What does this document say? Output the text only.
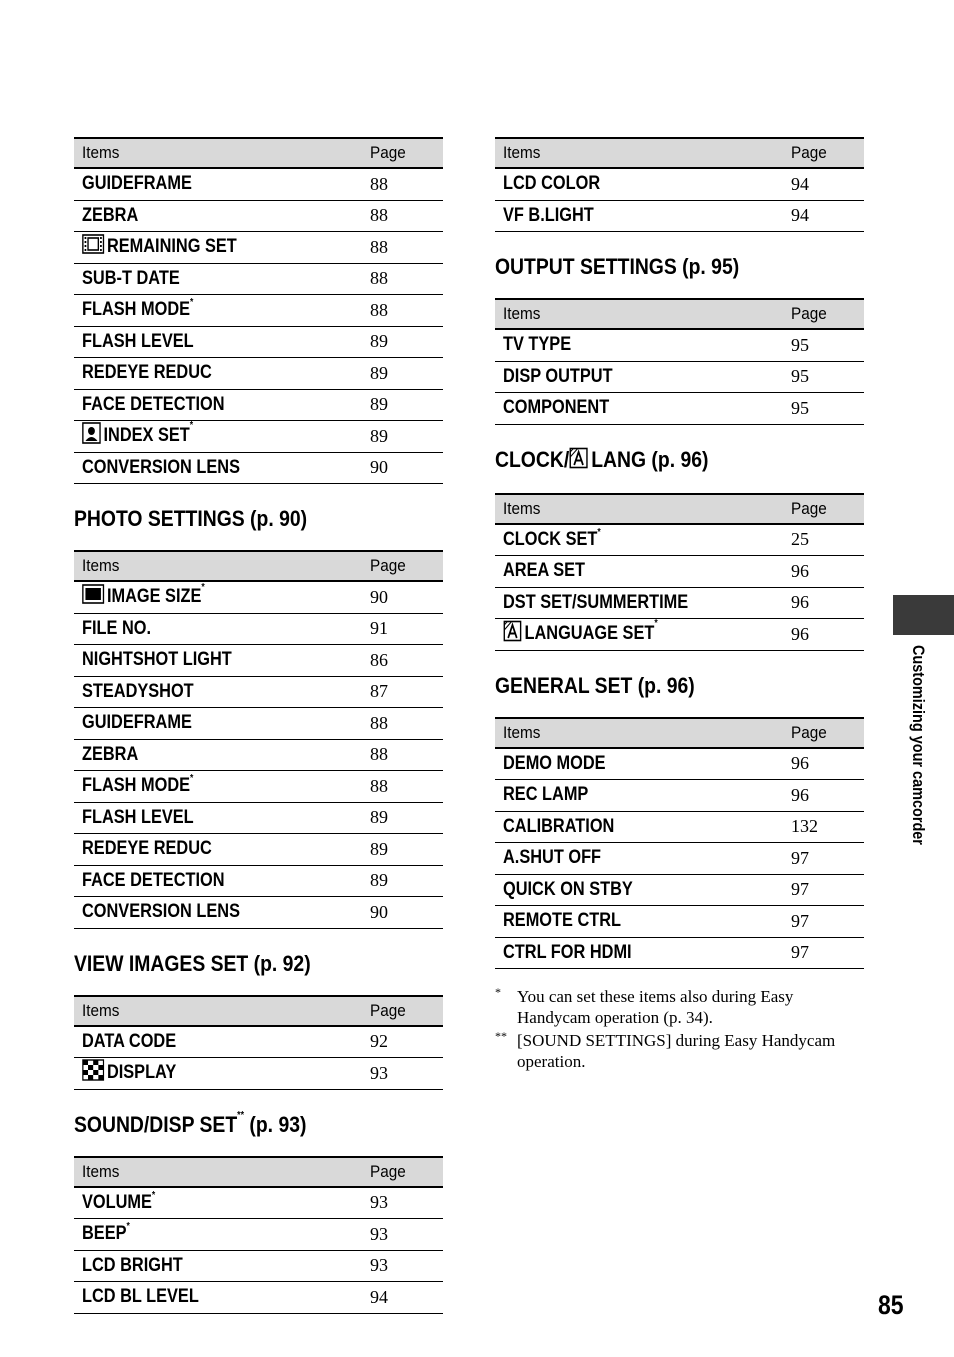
Items	Page
GUIDEFRAME	88
ZEBRA	88
REMAINING SET	88
SUB-T DATE	88
FLASH MODE*	88
FLASH LEVEL	89
REDEYE REDUC	89
FACE DETECTION	89
INDEX SET*	89
CONVERSION LENS	90
PHOTO SETTINGS (p. 90)
Items	Page
IMAGE SIZE*	90
FILE NO.	91
NIGHTSHOT LIGHT	86
STEADYSHOT	87
GUIDEFRAME	88
ZEBRA	88
FLASH MODE*	88
FLASH LEVEL	89
REDEYE REDUC	89
FACE DETECTION	89
CONVERSION LENS	90
VIEW IMAGES SET (p. 92)
Items	Page
DATA CODE	92
DISPLAY	93
SOUND/DISP SET** (p. 93)
Items	Page
VOLUME*	93
BEEP*	93
LCD BRIGHT	93
LCD BL LEVEL	94
Items	Page
LCD COLOR	94
VF B.LIGHT	94
OUTPUT SETTINGS (p. 95)
Items	Page
TV TYPE	95
DISP OUTPUT	95
COMPONENT	95
CLOCK/ LANG (p. 96)
Items	Page
CLOCK SET*	25
AREA SET	96
DST SET/SUMMERTIME	96
LANGUAGE SET*	96
GENERAL SET (p. 96)
Items	Page
DEMO MODE	96
REC LAMP	96
CALIBRATION	132
A.SHUT OFF	97
QUICK ON STBY	97
REMOTE CTRL	97
CTRL FOR HDMI	97
* You can set these items also during Easy Handycam operation (p. 34).
** [SOUND SETTINGS] during Easy Handycam operation.
Customizing your camcorder
85
